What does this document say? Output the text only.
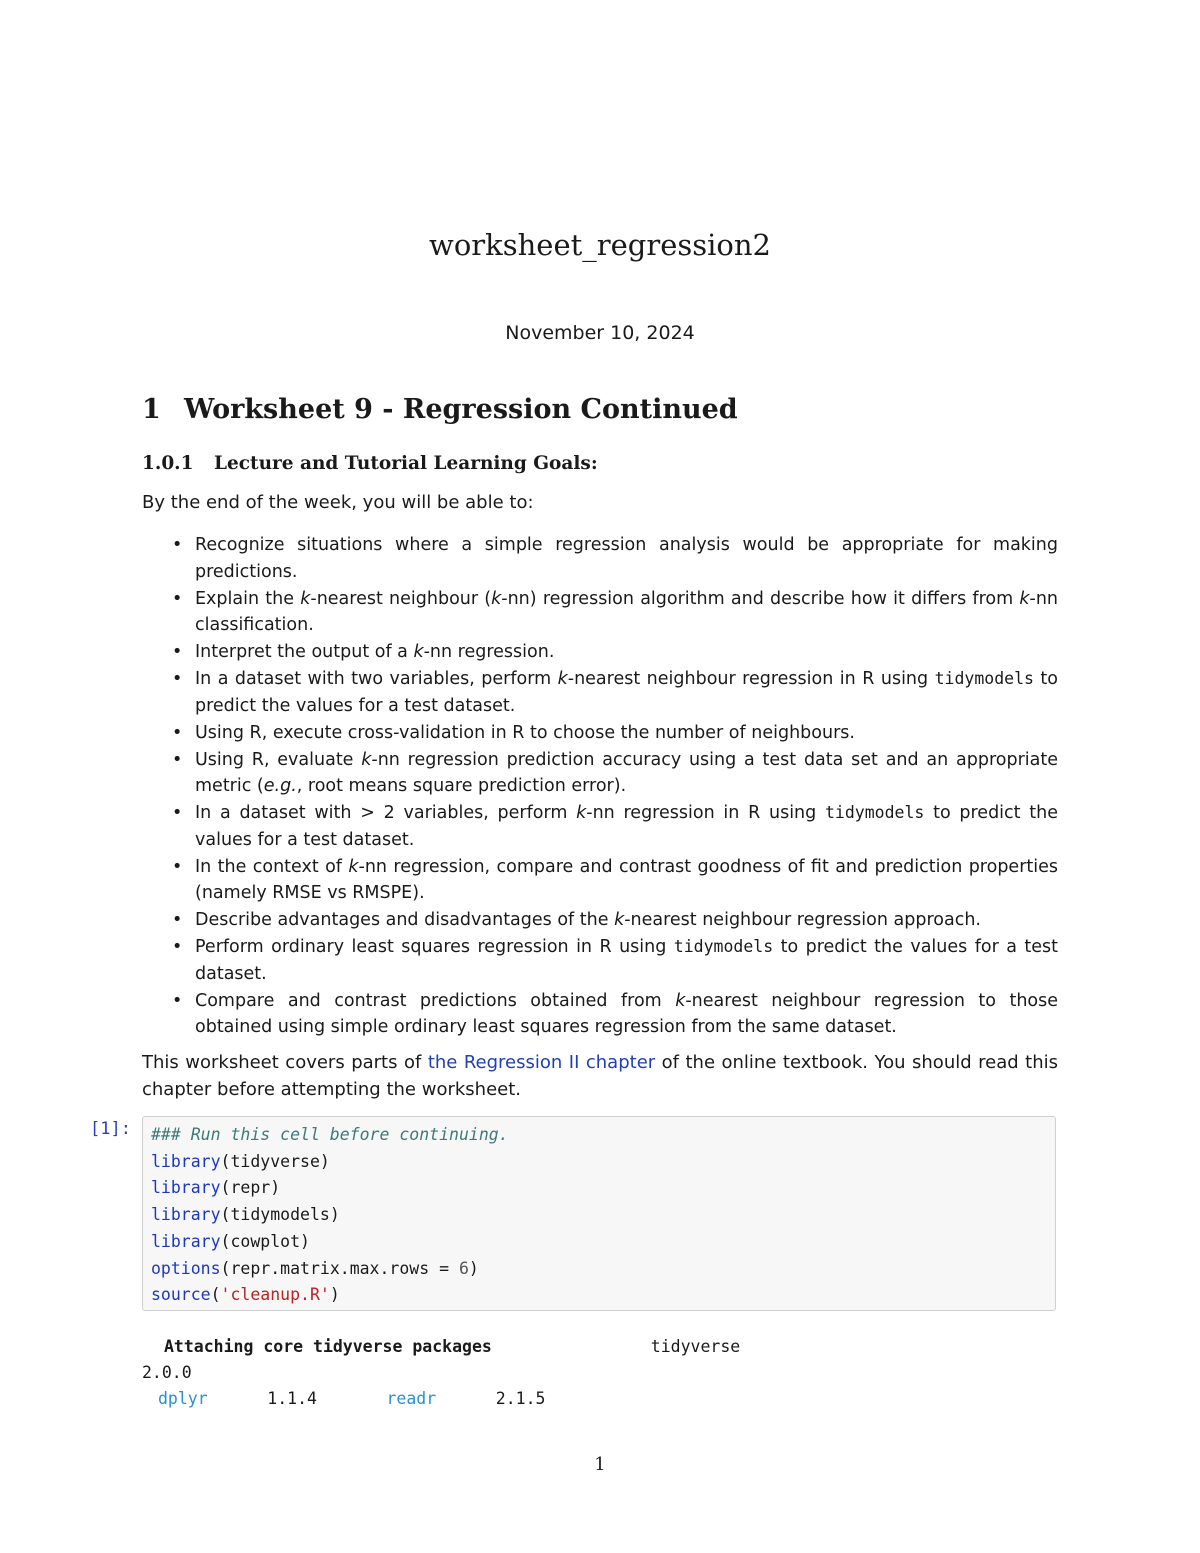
worksheet_regression2
November 10, 2024
1 Worksheet 9 - Regression Continued
1.0.1 Lecture and Tutorial Learning Goals:
By the end of the week, you will be able to:
• Recognize situations where a simple regression analysis would be appropriate for making predictions.
• Explain the k-nearest neighbour (k-nn) regression algorithm and describe how it differs from k-nn classification.
• Interpret the output of a k-nn regression.
• In a dataset with two variables, perform k-nearest neighbour regression in R using tidymodels to predict the values for a test dataset.
• Using R, execute cross-validation in R to choose the number of neighbours.
• Using R, evaluate k-nn regression prediction accuracy using a test data set and an appropriate metric (e.g., root means square prediction error).
• In a dataset with > 2 variables, perform k-nn regression in R using tidymodels to predict the values for a test dataset.
• In the context of k-nn regression, compare and contrast goodness of fit and prediction properties (namely RMSE vs RMSPE).
• Describe advantages and disadvantages of the k-nearest neighbour regression approach.
• Perform ordinary least squares regression in R using tidymodels to predict the values for a test dataset.
• Compare and contrast predictions obtained from k-nearest neighbour regression to those obtained using simple ordinary least squares regression from the same dataset.
This worksheet covers parts of the Regression II chapter of the online textbook. You should read this chapter before attempting the worksheet.
[1]: ### Run this cell before continuing.
library(tidyverse)
library(repr)
library(tidymodels)
library(cowplot)
options(repr.matrix.max.rows = 6)
source('cleanup.R')
Attaching core tidyverse packages	tidyverse
2.0.0
dplyr	1.1.4	readr	2.1.5
1
